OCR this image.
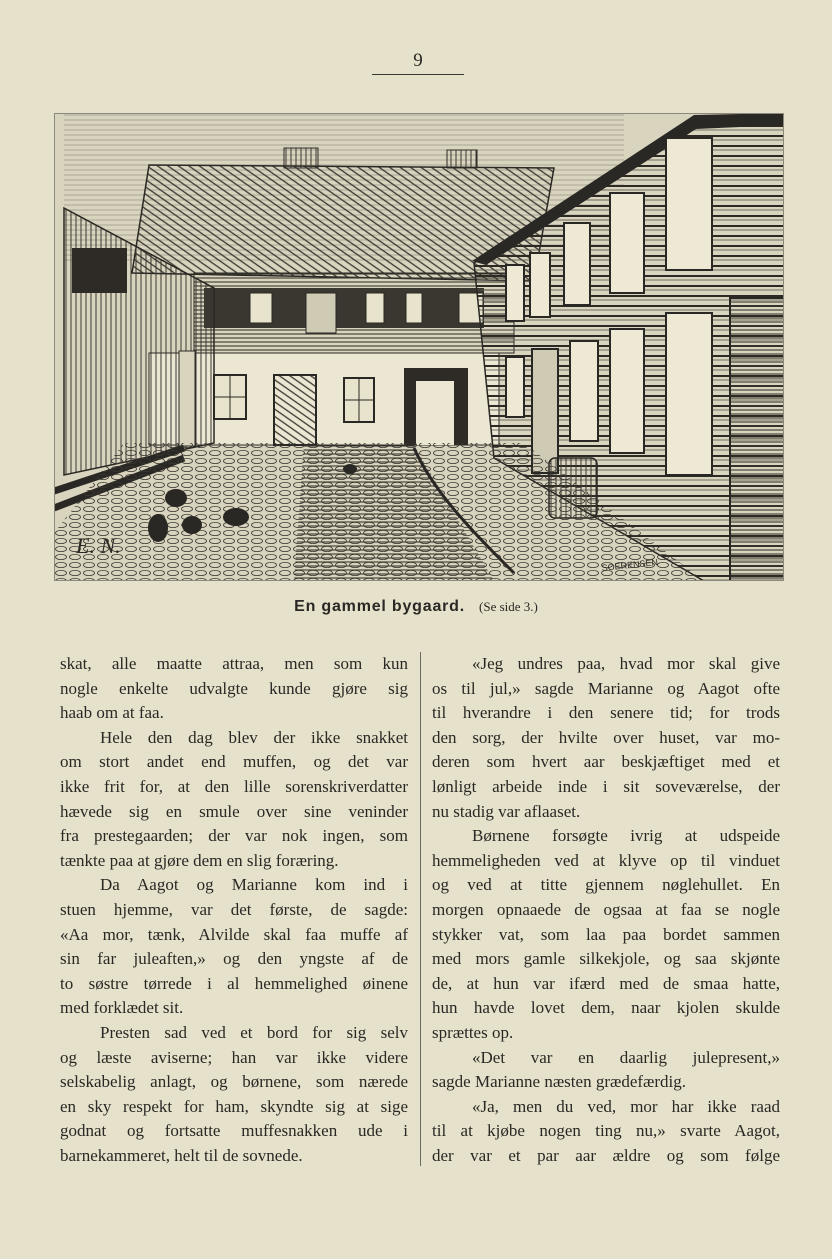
9
E. N.
SOERENSEN
En gammel bygaard. (Se side 3.)
skat, alle maatte attraa, men som kun
nogle enkelte udvalgte kunde gjøre sig
haab om at faa.
Hele den dag blev der ikke snakket
om stort andet end muffen, og det var
ikke frit for, at den lille sorenskriverdatter
hævede sig en smule over sine veninder
fra prestegaarden; der var nok ingen, som
tænkte paa at gjøre dem en slig foræring.
Da Aagot og Marianne kom ind i
stuen hjemme, var det første, de sagde:
«Aa mor, tænk, Alvilde skal faa muffe af
sin far juleaften,» og den yngste af de
to søstre tørrede i al hemmelighed øinene
med forklædet sit.
Presten sad ved et bord for sig selv
og læste aviserne; han var ikke videre
selskabelig anlagt, og børnene, som nærede
en sky respekt for ham, skyndte sig at sige
godnat og fortsatte muffesnakken ude i
barnekammeret, helt til de sovnede.
«Jeg undres paa, hvad mor skal give
os til jul,» sagde Marianne og Aagot ofte
til hverandre i den senere tid; for trods
den sorg, der hvilte over huset, var mo-
deren som hvert aar beskjæftiget med et
lønligt arbeide inde i sit soveværelse, der
nu stadig var aflaaset.
Børnene forsøgte ivrig at udspeide
hemmeligheden ved at klyve op til vinduet
og ved at titte gjennem nøglehullet. En
morgen opnaaede de ogsaa at faa se nogle
stykker vat, som laa paa bordet sammen
med mors gamle silkekjole, og saa skjønte
de, at hun var ifærd med de smaa hatte,
hun havde lovet dem, naar kjolen skulde
sprættes op.
«Det var en daarlig julepresent,»
sagde Marianne næsten grædefærdig.
«Ja, men du ved, mor har ikke raad
til at kjøbe nogen ting nu,» svarte Aagot,
der var et par aar ældre og som følge
